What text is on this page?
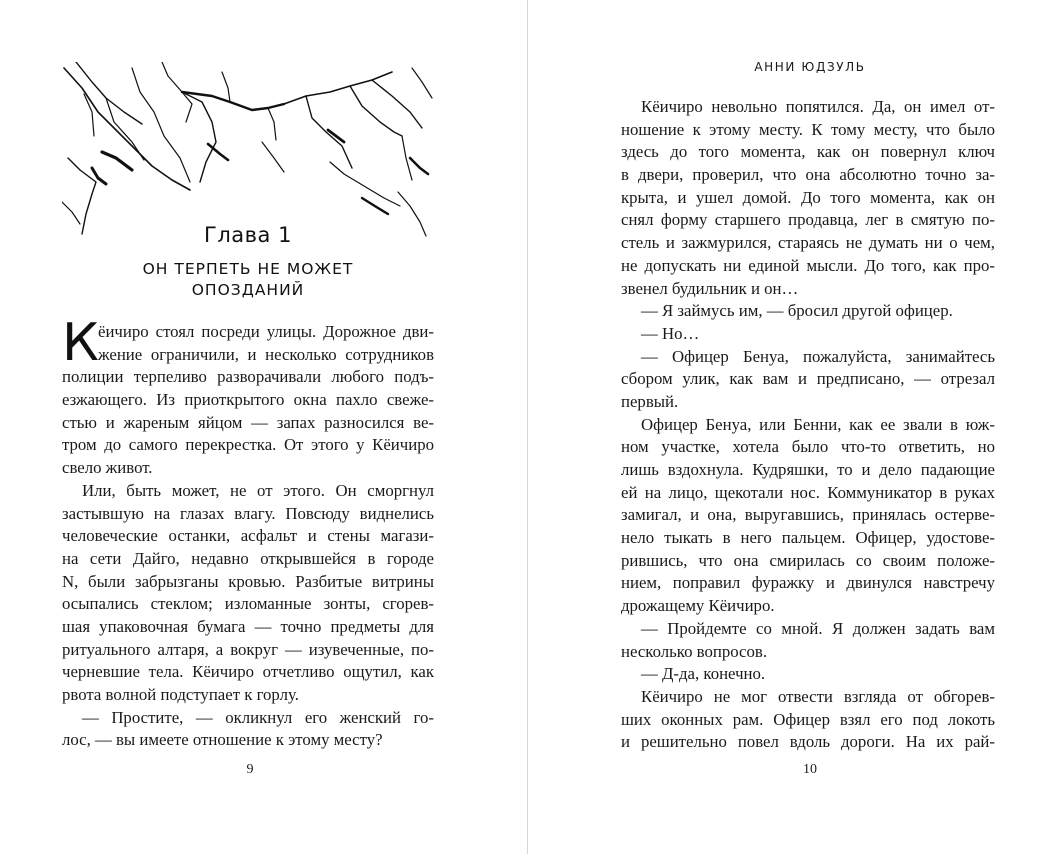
Глава 1
ОН ТЕРПЕТЬ НЕ МОЖЕТ
ОПОЗДАНИЙ
К ёичиро стоял посреди улицы. Дорожное дви-
жение ограничили, и несколько сотрудников
полиции терпеливо разворачивали любого подъ-
езжающего. Из приоткрытого окна пахло свеже-
стью и жареным яйцом — запах разносился ве-
тром до самого перекрестка. От этого у Кёичиро
свело живот.
Или, быть может, не от этого. Он сморгнул
застывшую на глазах влагу. Повсюду виднелись
человеческие останки, асфальт и стены магази-
на сети Дайго, недавно открывшейся в городе
N, были забрызганы кровью. Разбитые витрины
осыпались стеклом; изломанные зонты, сгорев-
шая упаковочная бумага — точно предметы для
ритуального алтаря, а вокруг — изувеченные, по-
черневшие тела. Кёичиро отчетливо ощутил, как
рвота волной подступает к горлу.
— Простите, — окликнул его женский го-
лос, — вы имеете отношение к этому месту?
9
АННИ ЮДЗУЛЬ
Кёичиро невольно попятился. Да, он имел от-
ношение к этому месту. К тому месту, что было
здесь до того момента, как он повернул ключ
в двери, проверил, что она абсолютно точно за-
крыта, и ушел домой. До того момента, как он
снял форму старшего продавца, лег в смятую по-
стель и зажмурился, стараясь не думать ни о чем,
не допускать ни единой мысли. До того, как про-
звенел будильник и он…
— Я займусь им, — бросил другой офицер.
— Но…
— Офицер Бенуа, пожалуйста, занимайтесь
сбором улик, как вам и предписано, — отрезал
первый.
Офицер Бенуа, или Бенни, как ее звали в юж-
ном участке, хотела было что-то ответить, но
лишь вздохнула. Кудряшки, то и дело падающие
ей на лицо, щекотали нос. Коммуникатор в руках
замигал, и она, выругавшись, принялась остерве-
нело тыкать в него пальцем. Офицер, удостове-
рившись, что она смирилась со своим положе-
нием, поправил фуражку и двинулся навстречу
дрожащему Кёичиро.
— Пройдемте со мной. Я должен задать вам
несколько вопросов.
— Д-да, конечно.
Кёичиро не мог отвести взгляда от обгорев-
ших оконных рам. Офицер взял его под локоть
и решительно повел вдоль дороги. На их рай-
10
